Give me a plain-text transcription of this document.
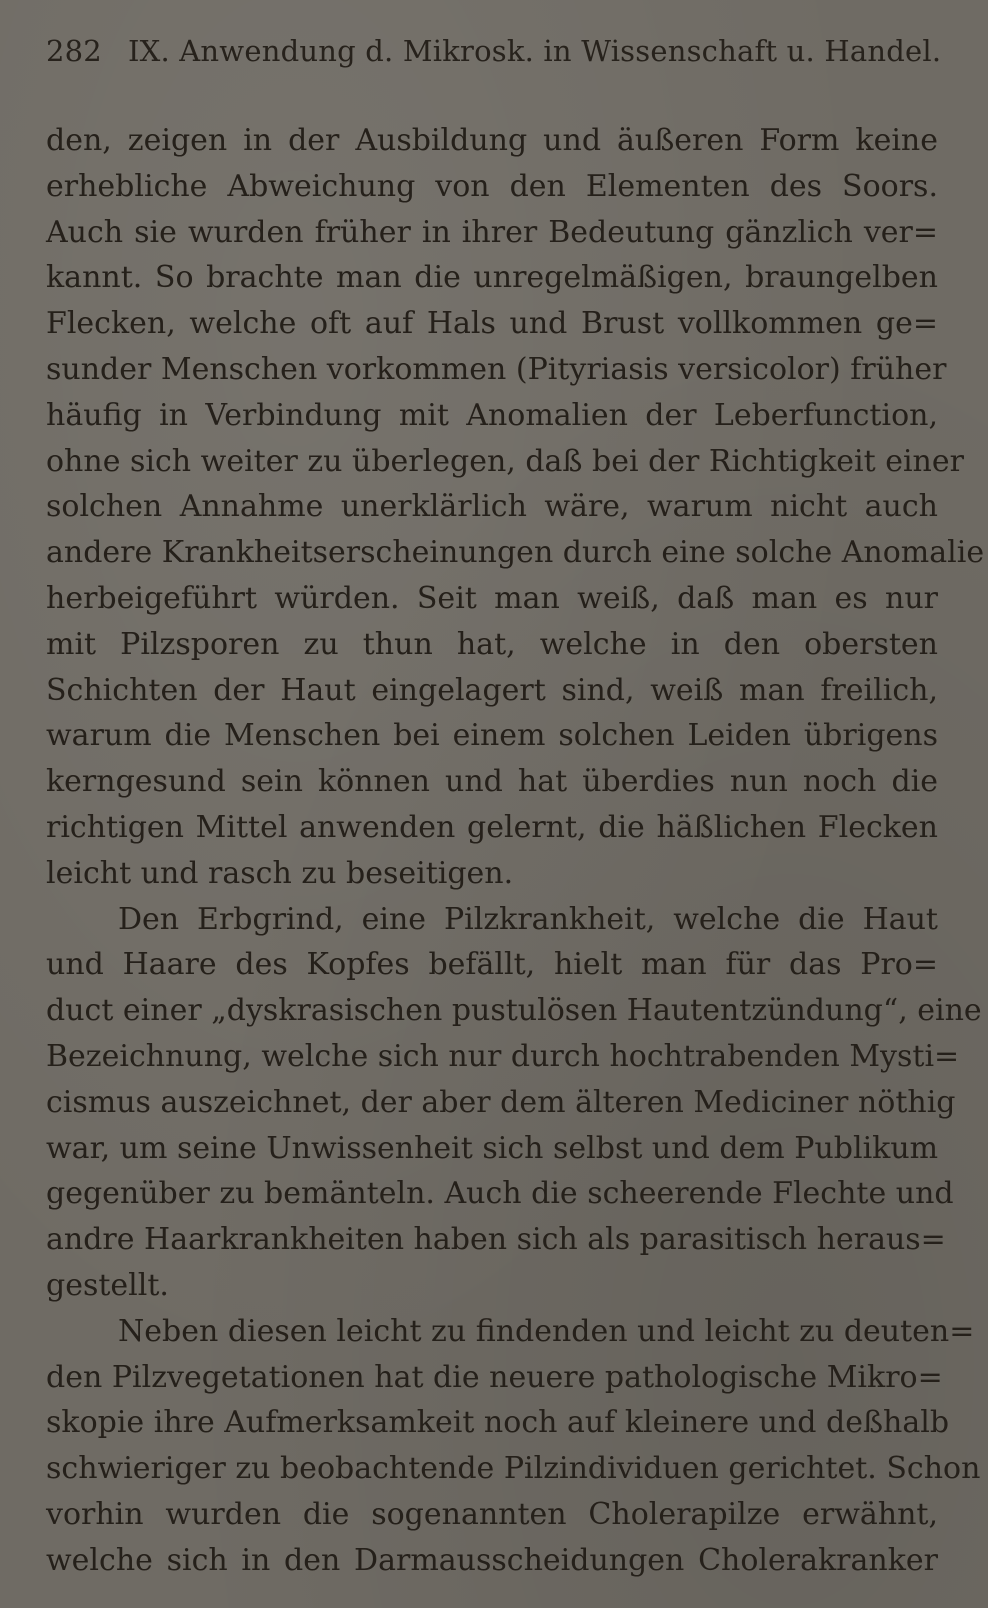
282 IX. Anwendung d. Mikrosk. in Wissenschaft u. Handel.
den, zeigen in der Ausbildung und äußeren Form keine
erhebliche Abweichung von den Elementen des Soors.
Auch sie wurden früher in ihrer Bedeutung gänzlich ver=
kannt. So brachte man die unregelmäßigen, braungelben
Flecken, welche oft auf Hals und Brust vollkommen ge=
sunder Menschen vorkommen (Pityriasis versicolor) früher
häufig in Verbindung mit Anomalien der Leberfunction,
ohne sich weiter zu überlegen, daß bei der Richtigkeit einer
solchen Annahme unerklärlich wäre, warum nicht auch
andere Krankheitserscheinungen durch eine solche Anomalie
herbeigeführt würden. Seit man weiß, daß man es nur
mit Pilzsporen zu thun hat, welche in den obersten
Schichten der Haut eingelagert sind, weiß man freilich,
warum die Menschen bei einem solchen Leiden übrigens
kerngesund sein können und hat überdies nun noch die
richtigen Mittel anwenden gelernt, die häßlichen Flecken
leicht und rasch zu beseitigen.
Den Erbgrind, eine Pilzkrankheit, welche die Haut
und Haare des Kopfes befällt, hielt man für das Pro=
duct einer „dyskrasischen pustulösen Hautentzündung“, eine
Bezeichnung, welche sich nur durch hochtrabenden Mysti=
cismus auszeichnet, der aber dem älteren Mediciner nöthig
war, um seine Unwissenheit sich selbst und dem Publikum
gegenüber zu bemänteln. Auch die scheerende Flechte und
andre Haarkrankheiten haben sich als parasitisch heraus=
gestellt.
Neben diesen leicht zu findenden und leicht zu deuten=
den Pilzvegetationen hat die neuere pathologische Mikro=
skopie ihre Aufmerksamkeit noch auf kleinere und deßhalb
schwieriger zu beobachtende Pilzindividuen gerichtet. Schon
vorhin wurden die sogenannten Cholerapilze erwähnt,
welche sich in den Darmausscheidungen Cholerakranker
